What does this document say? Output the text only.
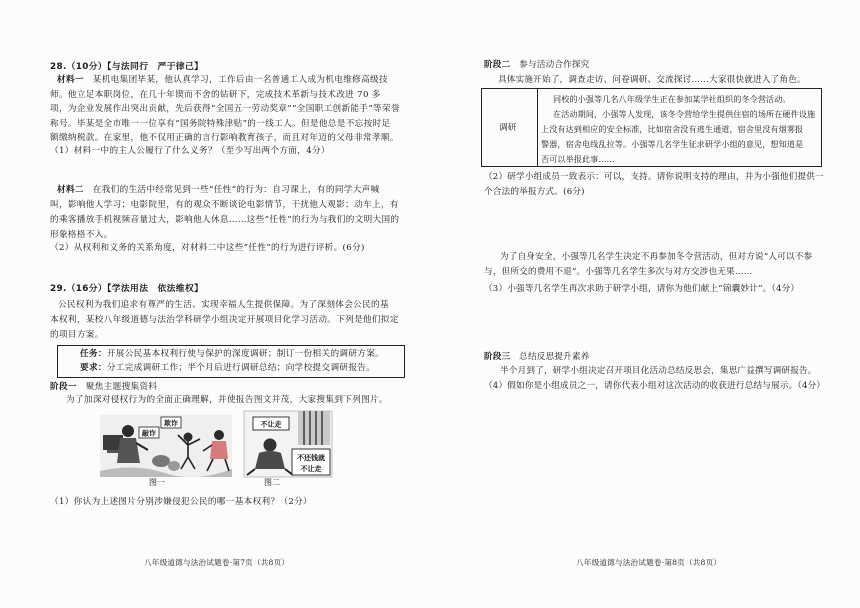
28.（10分）【与法同行　严于律己】
材料一　某机电集团毕某，他认真学习，工作后由一名普通工人成为机电维修高级技
师。他立足本职岗位，在几十年锲而不舍的钻研下，完成技术革新与技术改进 70 多
项，为企业发展作出突出贡献，先后获得“全国五一劳动奖章”“全国职工创新能手”等荣誉
称号。毕某是全市唯一一位享有“国务院特殊津贴”的一线工人。但是他总是不忘按时足
额缴纳税款。在家里，他不仅用正确的言行影响教育孩子，而且对年迈的父母非常孝顺。
（1）材料一中的主人公履行了什么义务？（至少写出两个方面，4分）
材料二　在我们的生活中经常见到一些“任性”的行为：自习课上，有的同学大声喊
叫，影响他人学习；电影院里，有的观众不断谈论电影情节，干扰他人观影；动车上，有
的乘客播放手机视频音量过大，影响他人休息……这些“任性”的行为与我们的文明大国的
形象格格不入。
（2）从权利和义务的关系角度，对材料二中这些“任性”的行为进行评析。(6分)
29.（16分）【学法用法　依法维权】
公民权利为我们追求有尊严的生活、实现幸福人生提供保障。为了深刻体会公民的基
本权利，某校八年级道德与法治学科研学小组决定开展项目化学习活动。下列是他们拟定
的项目方案。
任务：开展公民基本权利行使与保护的深度调研；制订一份相关的调研方案。
要求：分工完成调研工作；半个月后进行调研总结；向学校提交调研报告。
阶段一　聚焦主题搜集资料
为了加深对侵权行为的全面正确理解，并使报告图文并茂，大家搜集到下列图片。
敲诈
欺诈	不让走
不还钱就
不让走
图一	图二
（1）你认为上述图片分别涉嫌侵犯公民的哪一基本权利？（2分）
八年级道德与法治试题卷·第7页（共8页）
阶段二　参与活动合作探究
具体实施开始了，调查走访、问卷调研、交流探讨……大家很快就进入了角色。
调研
同校的小强等几名八年级学生正在参加某学社组织的冬令营活动。
在活动期间，小强等人发现，该冬令营给学生提供住宿的场所在硬件设施
上没有达到相应的安全标准，比如宿舍没有逃生通道，宿舍里没有烟雾报
警器，宿舍电线乱拉等。小强等几名学生征求研学小组的意见，想知道是
否可以举报此事……
（2）研学小组成员一致表示：可以，支持。请你说明支持的理由，并为小强他们提供一
个合法的举报方式。(6分)
为了自身安全，小强等几名学生决定不再参加冬令营活动，但对方说“人可以不参
与，但所交的费用不退”。小强等几名学生多次与对方交涉也无果……
（3）小强等几名学生再次求助于研学小组，请你为他们献上“锦囊妙计”。（4分）
阶段三　总结反思提升素养
半个月到了，研学小组决定召开项目化活动总结反思会，集思广益撰写调研报告。
（4）假如你是小组成员之一，请你代表小组对这次活动的收获进行总结与展示。（4分）
八年级道德与法治试题卷·第8页（共8页）
